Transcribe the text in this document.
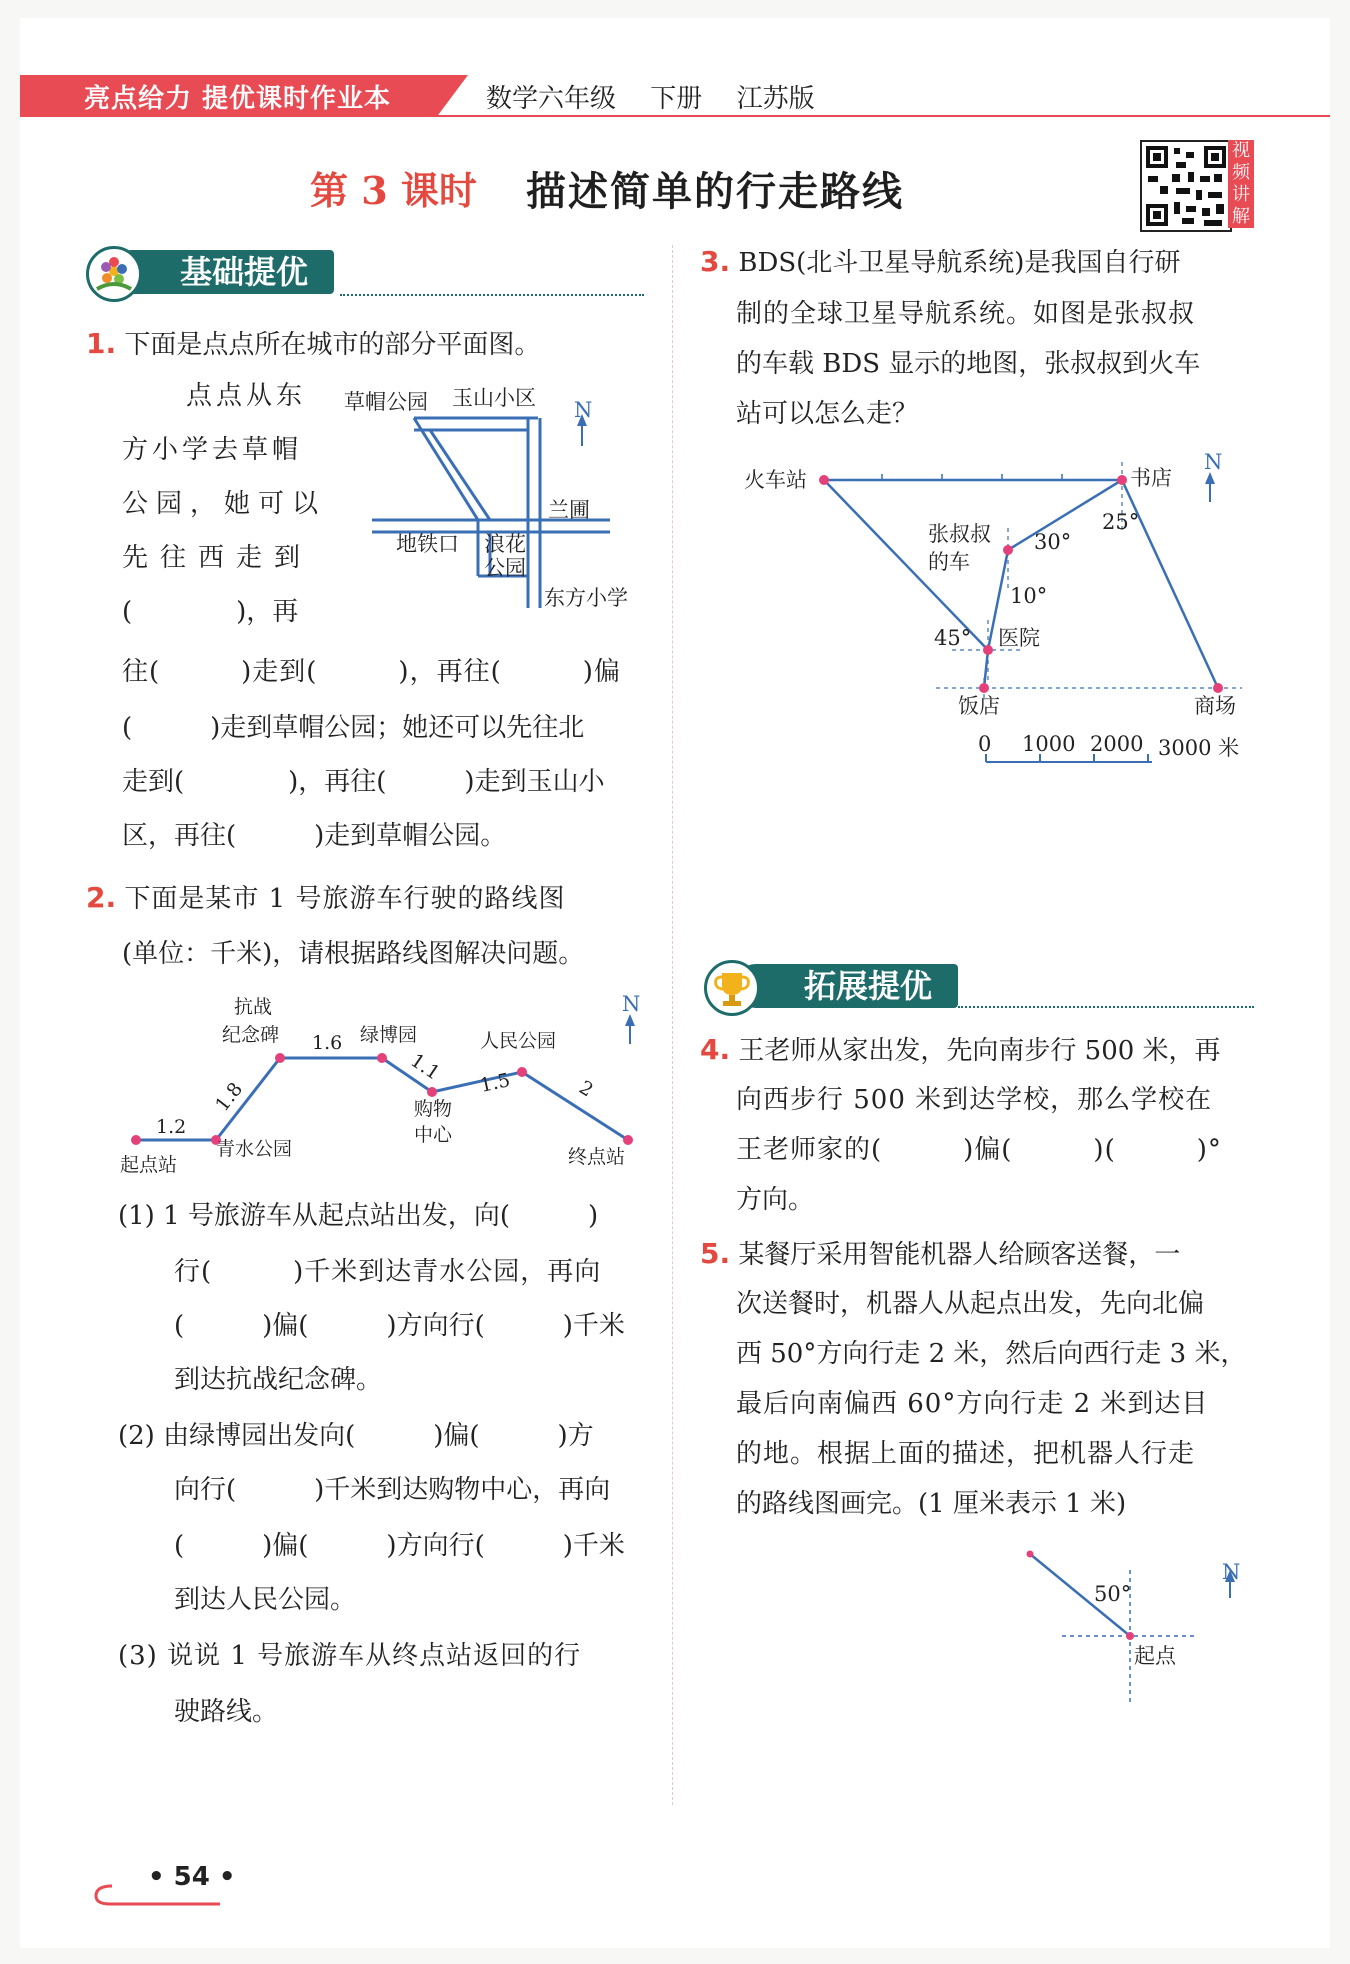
亮点给力 提优课时作业本	数学六年级 下册 江苏版
第 3 课时 描述简单的行走路线
视
频
讲
解
基础提优
1. 下面是点点所在城市的部分平面图。
点点从东
方小学去草帽
公园，她可以
先往西走到
(　　　　)，再
往(　　　)走到(　　　)，再往(　　　)偏
(　　　)走到草帽公园；她还可以先往北
走到(　　　　)，再往(　　　)走到玉山小
区，再往(　　　)走到草帽公园。
草帽公园 玉山小区 N
兰圃
地铁口 浪花
公园
东方小学
2. 下面是某市 1 号旅游车行驶的路线图
(单位：千米)，请根据路线图解决问题。
起点站
青水公园
抗战
纪念碑	绿博园
购物
中心
人民公园
终点站
N
1.2
1.8
1.6
1.1 1.5	2
(1) 1 号旅游车从起点站出发，向(　　　)
行(　　　)千米到达青水公园，再向
(　　　)偏(　　　)方向行(　　　)千米
到达抗战纪念碑。
(2) 由绿博园出发向(　　　)偏(　　　)方
向行(　　　)千米到达购物中心，再向
(　　　)偏(　　　)方向行(　　　)千米
到达人民公园。
(3) 说说 1 号旅游车从终点站返回的行
驶路线。
3. BDS(北斗卫星导航系统)是我国自行研
制的全球卫星导航系统。如图是张叔叔
的车载 BDS 显示的地图，张叔叔到火车
站可以怎么走？
火车站	书店
N
25°
张叔叔
的车
30°
10°
45° 医院
饭店	商场
0 1000 2000 3000 米
拓展提优
4. 王老师从家出发，先向南步行 500 米，再
向西步行 500 米到达学校，那么学校在
王老师家的(　　　)偏(　　　)(　　　)°
方向。
5. 某餐厅采用智能机器人给顾客送餐，一
次送餐时，机器人从起点出发，先向北偏
西 50°方向行走 2 米，然后向西行走 3 米，
最后向南偏西 60°方向行走 2 米到达目
的地。根据上面的描述，把机器人行走
的路线图画完。(1 厘米表示 1 米)
50°
起点
N
• 54 •
